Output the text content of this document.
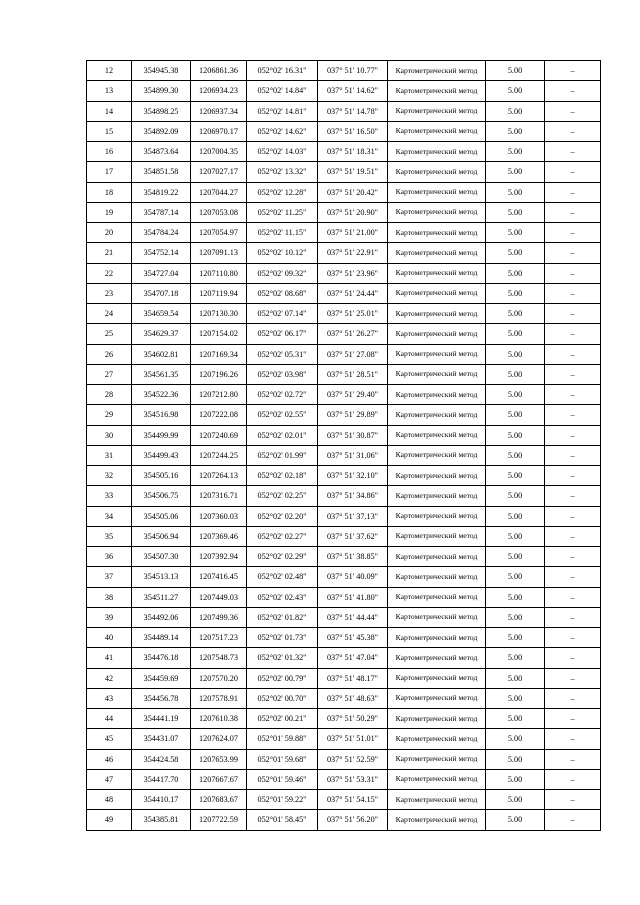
12	354945.38	1206861.36	052°02' 16.31"	037° 51' 10.77"	Картометрический метод	5.00	–
13	354899.30	1206934.23	052°02' 14.84"	037° 51' 14.62"	Картометрический метод	5.00	–
14	354898.25	1206937.34	052°02' 14.81"	037° 51' 14.78"	Картометрический метод	5.00	–
15	354892.09	1206970.17	052°02' 14.62"	037° 51' 16.50"	Картометрический метод	5.00	–
16	354873.64	1207004.35	052°02' 14.03"	037° 51' 18.31"	Картометрический метод	5.00	–
17	354851.58	1207027.17	052°02' 13.32"	037° 51' 19.51"	Картометрический метод	5.00	–
18	354819.22	1207044.27	052°02' 12.28"	037° 51' 20.42"	Картометрический метод	5.00	–
19	354787.14	1207053.08	052°02' 11.25"	037° 51' 20.90"	Картометрический метод	5.00	–
20	354784.24	1207054.97	052°02' 11.15"	037° 51' 21.00"	Картометрический метод	5.00	–
21	354752.14	1207091.13	052°02' 10.12"	037° 51' 22.91"	Картометрический метод	5.00	–
22	354727.04	1207110.80	052°02' 09.32"	037° 51' 23.96"	Картометрический метод	5.00	–
23	354707.18	1207119.94	052°02' 08.68"	037° 51' 24.44"	Картометрический метод	5.00	–
24	354659.54	1207130.30	052°02' 07.14"	037° 51' 25.01"	Картометрический метод	5.00	–
25	354629.37	1207154.02	052°02' 06.17"	037° 51' 26.27"	Картометрический метод	5.00	–
26	354602.81	1207169.34	052°02' 05.31"	037° 51' 27.08"	Картометрический метод	5.00	–
27	354561.35	1207196.26	052°02' 03.98"	037° 51' 28.51"	Картометрический метод	5.00	–
28	354522.36	1207212.80	052°02' 02.72"	037° 51' 29.40"	Картометрический метод	5.00	–
29	354516.98	1207222.08	052°02' 02.55"	037° 51' 29.89"	Картометрический метод	5.00	–
30	354499.99	1207240.69	052°02' 02.01"	037° 51' 30.87"	Картометрический метод	5.00	–
31	354499.43	1207244.25	052°02' 01.99"	037° 51' 31.06"	Картометрический метод	5.00	–
32	354505.16	1207264.13	052°02' 02.18"	037° 51' 32.10"	Картометрический метод	5.00	–
33	354506.75	1207316.71	052°02' 02.25"	037° 51' 34.86"	Картометрический метод	5.00	–
34	354505.06	1207360.03	052°02' 02.20"	037° 51' 37.13"	Картометрический метод	5.00	–
35	354506.94	1207369.46	052°02' 02.27"	037° 51' 37.62"	Картометрический метод	5.00	–
36	354507.30	1207392.94	052°02' 02.29"	037° 51' 38.85"	Картометрический метод	5.00	–
37	354513.13	1207416.45	052°02' 02.48"	037° 51' 40.09"	Картометрический метод	5.00	–
38	354511.27	1207449.03	052°02' 02.43"	037° 51' 41.80"	Картометрический метод	5.00	–
39	354492.06	1207499.36	052°02' 01.82"	037° 51' 44.44"	Картометрический метод	5.00	–
40	354489.14	1207517.23	052°02' 01.73"	037° 51' 45.38"	Картометрический метод	5.00	–
41	354476.18	1207548.73	052°02' 01.32"	037° 51' 47.04"	Картометрический метод	5.00	–
42	354459.69	1207570.20	052°02' 00.79"	037° 51' 48.17"	Картометрический метод	5.00	–
43	354456.78	1207578.91	052°02' 00.70"	037° 51' 48.63"	Картометрический метод	5.00	–
44	354441.19	1207610.38	052°02' 00.21"	037° 51' 50.29"	Картометрический метод	5.00	–
45	354431.07	1207624.07	052°01' 59.88"	037° 51' 51.01"	Картометрический метод	5.00	–
46	354424.58	1207653.99	052°01' 59.68"	037° 51' 52.59"	Картометрический метод	5.00	–
47	354417.70	1207667.67	052°01' 59.46"	037° 51' 53.31"	Картометрический метод	5.00	–
48	354410.17	1207683.67	052°01' 59.22"	037° 51' 54.15"	Картометрический метод	5.00	–
49	354385.81	1207722.59	052°01' 58.45"	037° 51' 56.20"	Картометрический метод	5.00	–
